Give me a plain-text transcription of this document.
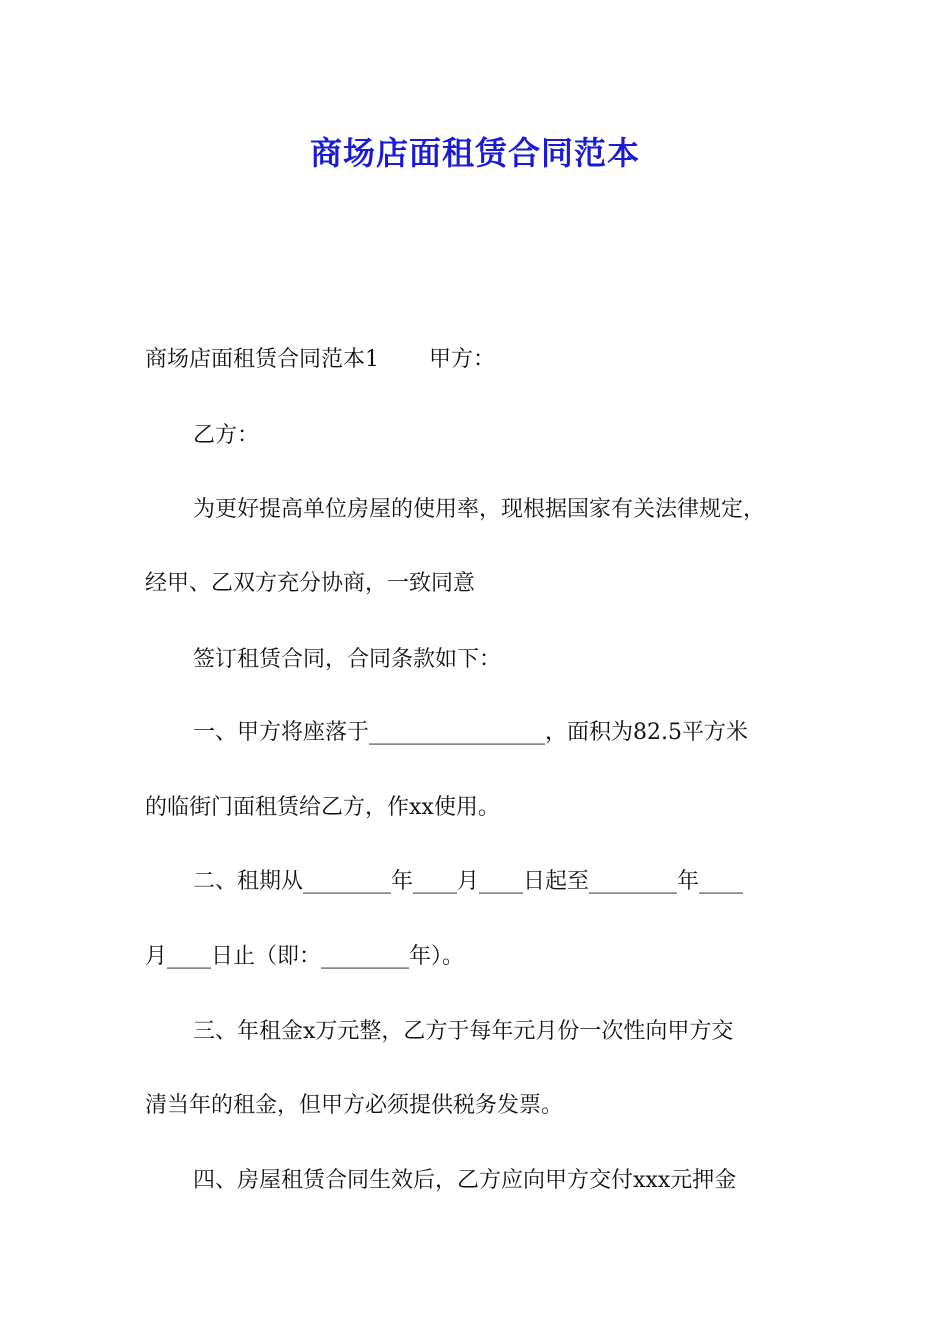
商场店面租赁合同范本
商场店面租赁合同范本1 甲方：
乙方：
为更好提高单位房屋的使用率，现根据国家有关法律规定，
经甲、乙双方充分协商，一致同意
签订租赁合同，合同条款如下：
一、甲方将座落于________________，面积为82.5平方米
的临街门面租赁给乙方，作xx使用。
二、租期从________年____月____日起至________年____
月____日止（即：________年）。
三、年租金x万元整，乙方于每年元月份一次性向甲方交
清当年的租金，但甲方必须提供税务发票。
四、房屋租赁合同生效后，乙方应向甲方交付xxx元押金
